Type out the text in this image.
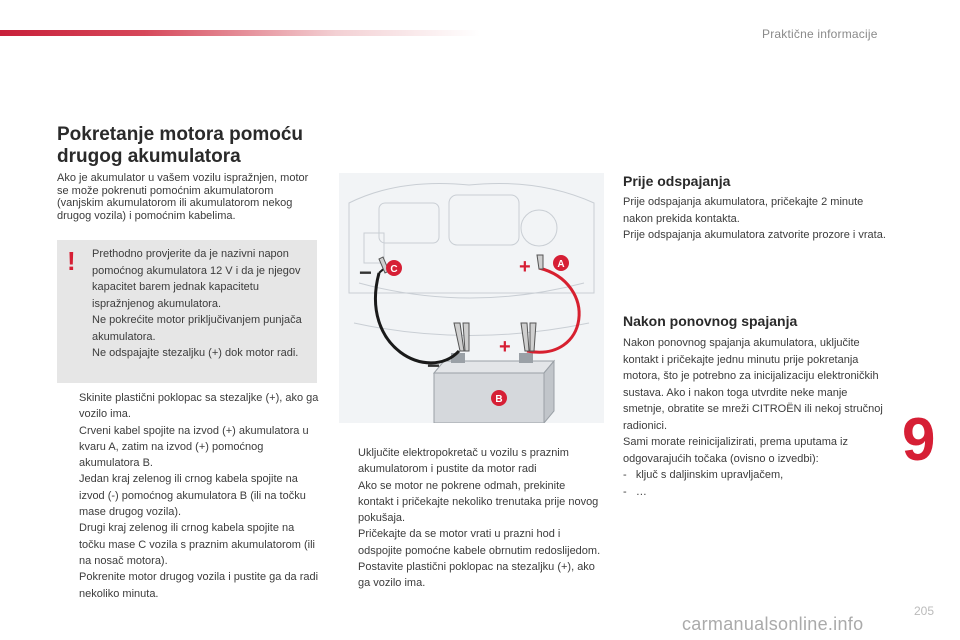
Praktične informacije
Pokretanje motora pomoću drugog akumulatora
Ako je akumulator u vašem vozilu ispražnjen, motor se može pokrenuti pomoćnim akumulatorom (vanjskim akumulatorom ili akumulatorom nekog drugog vozila) i pomoćnim kabelima.
! Prethodno provjerite da je nazivni napon pomoćnog akumulatora 12 V i da je njegov kapacitet barem jednak kapacitetu ispražnjenog akumulatora.
Ne pokrećite motor priključivanjem punjača akumulatora.
Ne odspajajte stezaljku (+) dok motor radi.
Skinite plastični poklopac sa stezaljke (+), ako ga vozilo ima.
Crveni kabel spojite na izvod (+) akumulatora u kvaru A, zatim na izvod (+) pomoćnog akumulatora B.
Jedan kraj zelenog ili crnog kabela spojite na izvod (-) pomoćnog akumulatora B (ili na točku mase drugog vozila).
Drugi kraj zelenog ili crnog kabela spojite na točku mase C vozila s praznim akumulatorom (ili na nosač motora).
Pokrenite motor drugog vozila i pustite ga da radi nekoliko minuta.
C	A
B
−	+
+
−
Uključite elektropokretač u vozilu s praznim akumulatorom i pustite da motor radi
Ako se motor ne pokrene odmah, prekinite kontakt i pričekajte nekoliko trenutaka prije novog pokušaja.
Pričekajte da se motor vrati u prazni hod i odspojite pomoćne kabele obrnutim redoslijedom.
Postavite plastični poklopac na stezaljku (+), ako ga vozilo ima.
Prije odspajanja
Prije odspajanja akumulatora, pričekajte 2 minute nakon prekida kontakta.
Prije odspajanja akumulatora zatvorite prozore i vrata.
Nakon ponovnog spajanja
Nakon ponovnog spajanja akumulatora, uključite kontakt i pričekajte jednu minutu prije pokretanja motora, što je potrebno za inicijalizaciju elektroničkih sustava. Ako i nakon toga utvrdite neke manje smetnje, obratite se mreži CITROËN ili nekoj stručnoj radionici.
Sami morate reinicijalizirati, prema uputama iz odgovarajućih točaka (ovisno o izvedbi):
-   ključ s daljinskim upravljačem,
-   …
9
205
carmanualsonline.info
